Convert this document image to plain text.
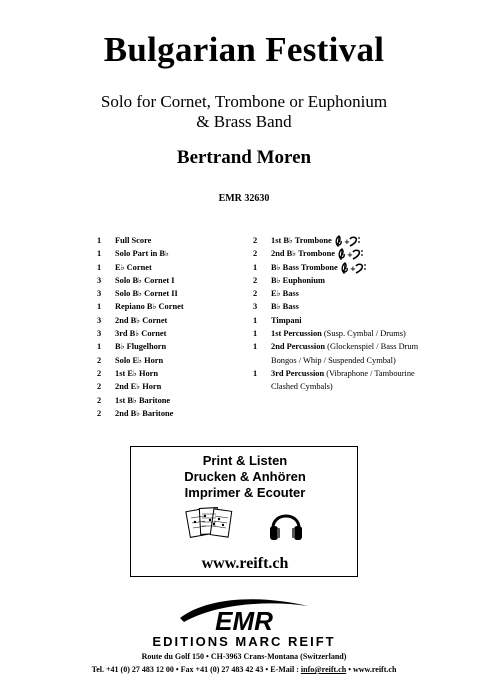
Bulgarian Festival
Solo for Cornet, Trombone or Euphonium
& Brass Band
Bertrand Moren
EMR 32630
1	Full Score
1	Solo Part in B♭
1	E♭ Cornet
3	Solo B♭ Cornet I
3	Solo B♭ Cornet II
1	Repiano B♭ Cornet
3	2nd B♭ Cornet
3	3rd B♭ Cornet
1	B♭ Flugelhorn
2	Solo E♭ Horn
2	1st E♭ Horn
2	2nd E♭ Horn
2	1st B♭ Baritone
2	2nd B♭ Baritone
2	1st B♭ Trombone +
2	2nd B♭ Trombone +
1	B♭ Bass Trombone +
2	B♭ Euphonium
2	E♭ Bass
3	B♭ Bass
1	Timpani
1	1st Percussion (Susp. Cymbal / Drums)
1	2nd Percussion (Glockenspiel / Bass Drum
Bongos / Whip / Suspended Cymbal)
1	3rd Percussion (Vibraphone / Tambourine
Clashed Cymbals)
Print & Listen
Drucken & Anhören
Imprimer & Ecouter
www.reift.ch
EMR
EDITIONS MARC REIFT
Route du Golf 150 • CH-3963 Crans-Montana (Switzerland)
Tel. +41 (0) 27 483 12 00 • Fax +41 (0) 27 483 42 43 • E-Mail : info@reift.ch • www.reift.ch
